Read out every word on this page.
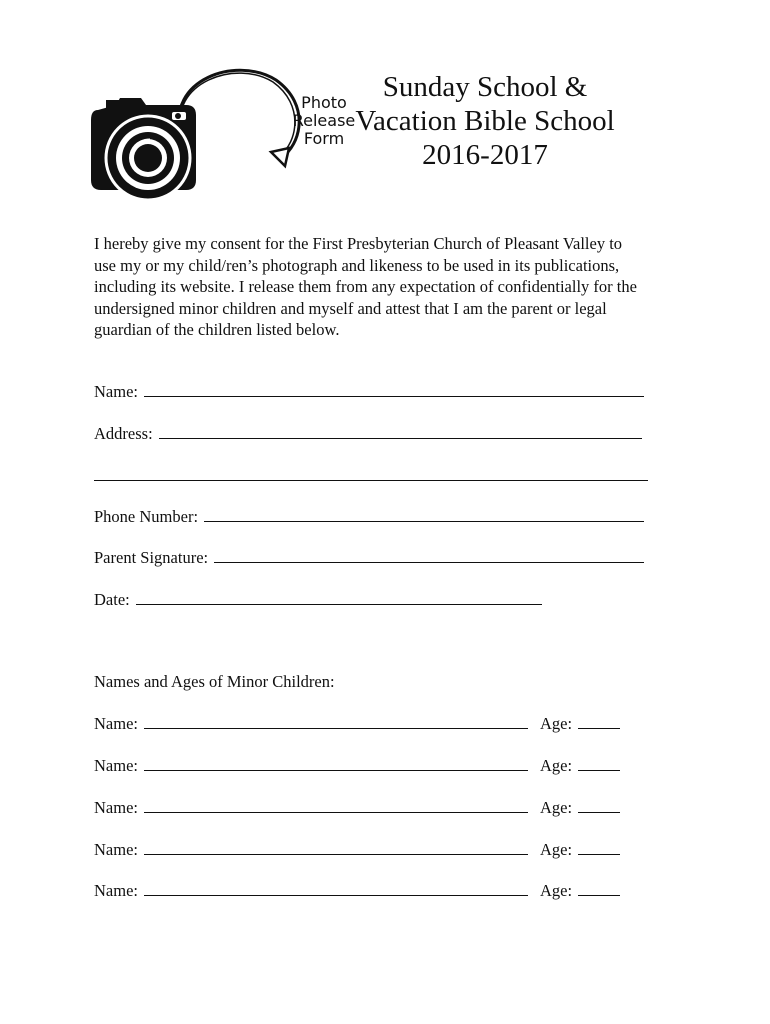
Photo
Release
Form
Sunday School &
Vacation Bible School
2016-2017
I hereby give my consent for the First Presbyterian Church of Pleasant Valley to
use my or my child/ren’s photograph and likeness to be used in its publications,
including its website. I release them from any expectation of confidentially for the
undersigned minor children and myself and attest that I am the parent or legal
guardian of the children listed below.
Name:
Address:
Phone Number:
Parent Signature:
Date:
Names and Ages of Minor Children:
Name:	Age:
Name:	Age:
Name:	Age:
Name:	Age:
Name:	Age:
